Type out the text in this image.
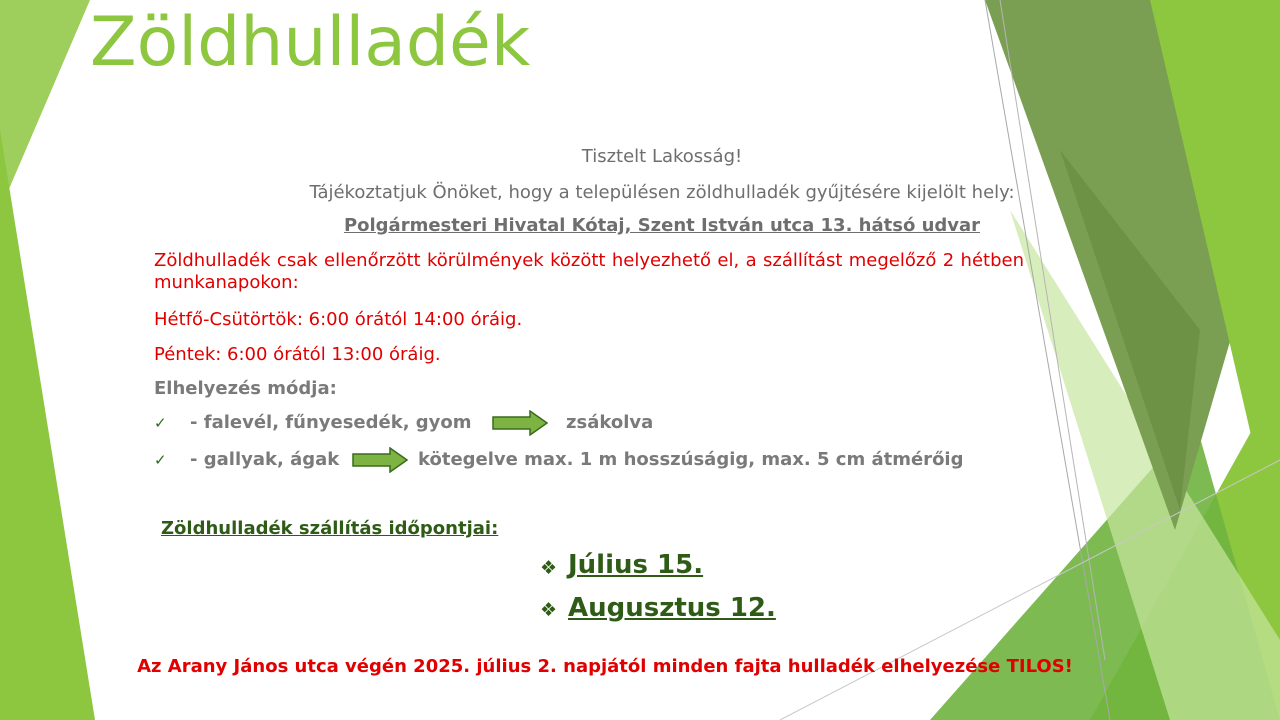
Zöldhulladék
Tisztelt Lakosság!
Tájékoztatjuk Önöket, hogy a településen zöldhulladék gyűjtésére kijelölt hely:
Polgármesteri Hivatal Kótaj, Szent István utca 13. hátsó udvar
Zöldhulladék csak ellenőrzött körülmények között helyezhető el, a szállítást megelőző 2 hétben munkanapokon:
Hétfő-Csütörtök: 6:00 órától 14:00 óráig.
Péntek: 6:00 órától 13:00 óráig.
Elhelyezés módja:
✓ - falevél, fűnyesedék, gyom	zsákolva
✓ - gallyak, ágak	kötegelve max. 1 m hosszúságig, max. 5 cm átmérőig
Zöldhulladék szállítás időpontjai:
❖ Július 15.
❖ Augusztus 12.
Az Arany János utca végén 2025. július 2. napjától minden fajta hulladék elhelyezése TILOS!
